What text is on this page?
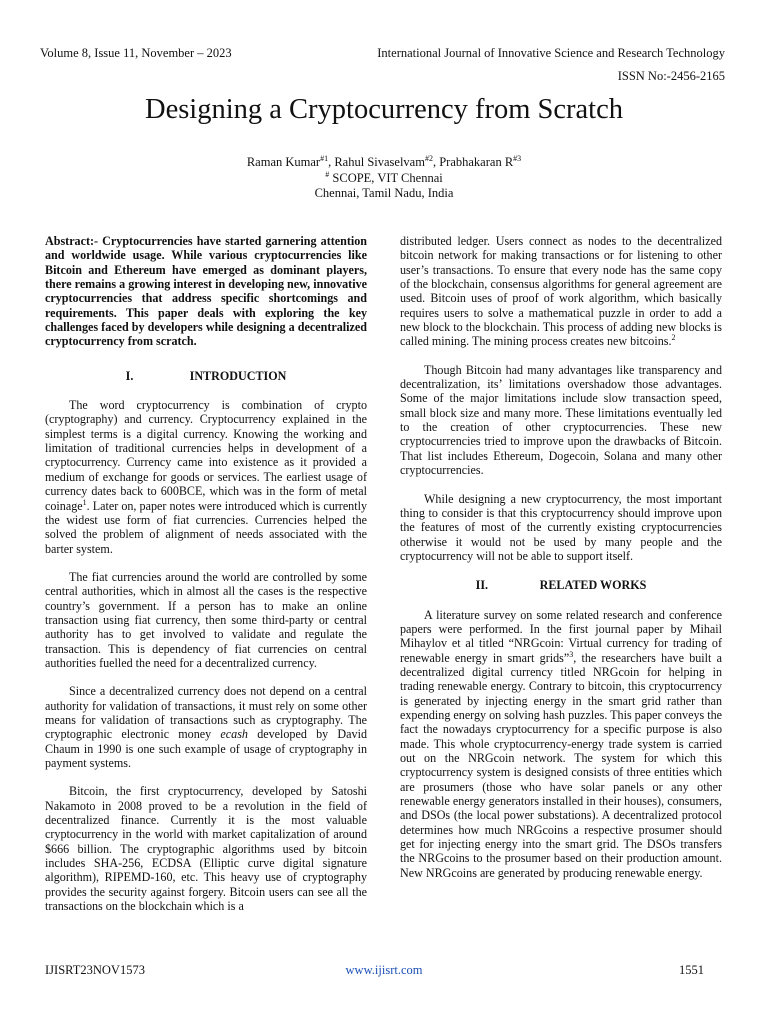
Volume 8, Issue 11, November – 2023	International Journal of Innovative Science and Research Technology
ISSN No:-2456-2165
Designing a Cryptocurrency from Scratch
Raman Kumar$^{\#1}$, Rahul Sivaselvam$^{\#2}$, Prabhakaran $R^{\#3}$
# SCOPE, VIT Chennai
Chennai, Tamil Nadu, India

Abstract:- Cryptocurrencies have started garnering attention and worldwide usage. While various cryptocurrencies like Bitcoin and Ethereum have emerged as dominant players, there remains a growing interest in developing new, innovative cryptocurrencies that address specific shortcomings and requirements. This paper deals with exploring the key challenges faced by developers while designing a decentralized cryptocurrency from scratch.

I.	INTRODUCTION

The word cryptocurrency is combination of crypto (cryptography) and currency. Cryptocurrency explained in the simplest terms is a digital currency. Knowing the working and limitation of traditional currencies helps in development of a cryptocurrency. Currency came into existence as it provided a medium of exchange for goods or services. The earliest usage of currency dates back to 600BCE, which was in the form of metal coinage$^1$. Later on, paper notes were introduced which is currently the widest use form of fiat currencies. Currencies helped the solved the problem of alignment of needs associated with the barter system.

The fiat currencies around the world are controlled by some central authorities, which in almost all the cases is the respective country’s government. If a person has to make an online transaction using fiat currency, then some third-party or central authority has to get involved to validate and regulate the transaction. This is dependency of fiat currencies on central authorities fuelled the need for a decentralized currency.

Since a decentralized currency does not depend on a central authority for validation of transactions, it must rely on some other means for validation of transactions such as cryptography. The cryptographic electronic money ecash developed by David Chaum in 1990 is one such example of usage of cryptography in payment systems.

Bitcoin, the first cryptocurrency, developed by Satoshi Nakamoto in 2008 proved to be a revolution in the field of decentralized finance. Currently it is the most valuable cryptocurrency in the world with market capitalization of around $666 billion. The cryptographic algorithms used by bitcoin includes SHA-256, ECDSA (Elliptic curve digital signature algorithm), RIPEMD-160, etc. This heavy use of cryptography provides the security against forgery. Bitcoin users can see all the transactions on the blockchain which is a

distributed ledger. Users connect as nodes to the decentralized bitcoin network for making transactions or for listening to other user’s transactions. To ensure that every node has the same copy of the blockchain, consensus algorithms for general agreement are used. Bitcoin uses of proof of work algorithm, which basically requires users to solve a mathematical puzzle in order to add a new block to the blockchain. This process of adding new blocks is called mining. The mining process creates new bitcoins.$^2$

Though Bitcoin had many advantages like transparency and decentralization, its’ limitations overshadow those advantages. Some of the major limitations include slow transaction speed, small block size and many more. These limitations eventually led to the creation of other cryptocurrencies. These new cryptocurrencies tried to improve upon the drawbacks of Bitcoin. That list includes Ethereum, Dogecoin, Solana and many other cryptocurrencies.

While designing a new cryptocurrency, the most important thing to consider is that this cryptocurrency should improve upon the features of most of the currently existing cryptocurrencies otherwise it would not be used by many people and the cryptocurrency will not be able to support itself.

II.	RELATED WORKS

A literature survey on some related research and conference papers were performed. In the first journal paper by Mihail Mihaylov et al titled “NRGcoin: Virtual currency for trading of renewable energy in smart grids”$^3$, the researchers have built a decentralized digital currency titled NRGcoin for helping in trading renewable energy. Contrary to bitcoin, this cryptocurrency is generated by injecting energy in the smart grid rather than expending energy on solving hash puzzles. This paper conveys the fact the nowadays cryptocurrency for a specific purpose is also made. This whole cryptocurrency-energy trade system is carried out on the NRGcoin network. The system for which this cryptocurrency system is designed consists of three entities which are prosumers (those who have solar panels or any other renewable energy generators installed in their houses), consumers, and DSOs (the local power substations). A decentralized protocol determines how much NRGcoins a respective prosumer should get for injecting energy into the smart grid. The DSOs transfers the NRGcoins to the prosumer based on their production amount. New NRGcoins are generated by producing renewable energy.

IJISRT23NOV1573	www.ijisrt.com	1551
